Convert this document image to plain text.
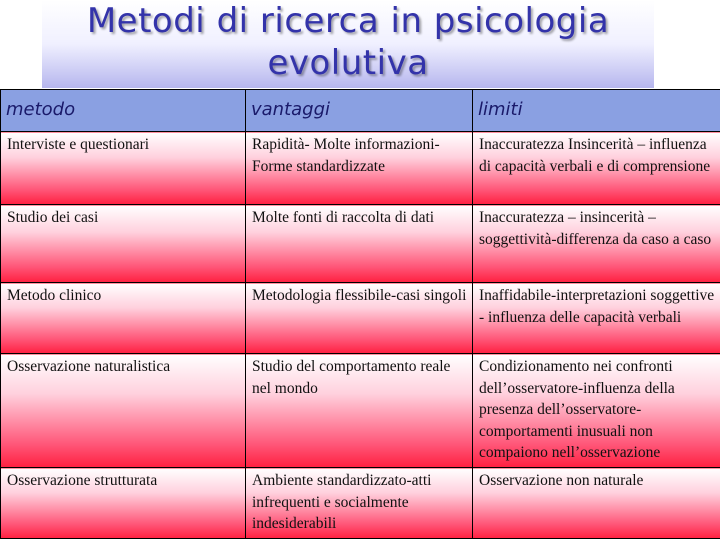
Metodi di ricerca in psicologia evolutiva
metodo	vantaggi	limiti
Interviste e questionari	Rapidità- Molte informazioni- Forme standardizzate	Inaccuratezza Insincerità – influenza di capacità verbali e di comprensione
Studio dei casi	Molte fonti di raccolta di dati	Inaccuratezza – insincerità – soggettività-differenza da caso a caso
Metodo clinico	Metodologia flessibile-casi singoli	Inaffidabile-interpretazioni soggettive - influenza delle capacità verbali
Osservazione naturalistica	Studio del comportamento reale nel mondo	Condizionamento nei confronti dell’osservatore-influenza della presenza dell’osservatore-comportamenti inusuali non compaiono nell’osservazione
Osservazione strutturata	Ambiente standardizzato-atti infrequenti e socialmente indesiderabili	Osservazione non naturale
